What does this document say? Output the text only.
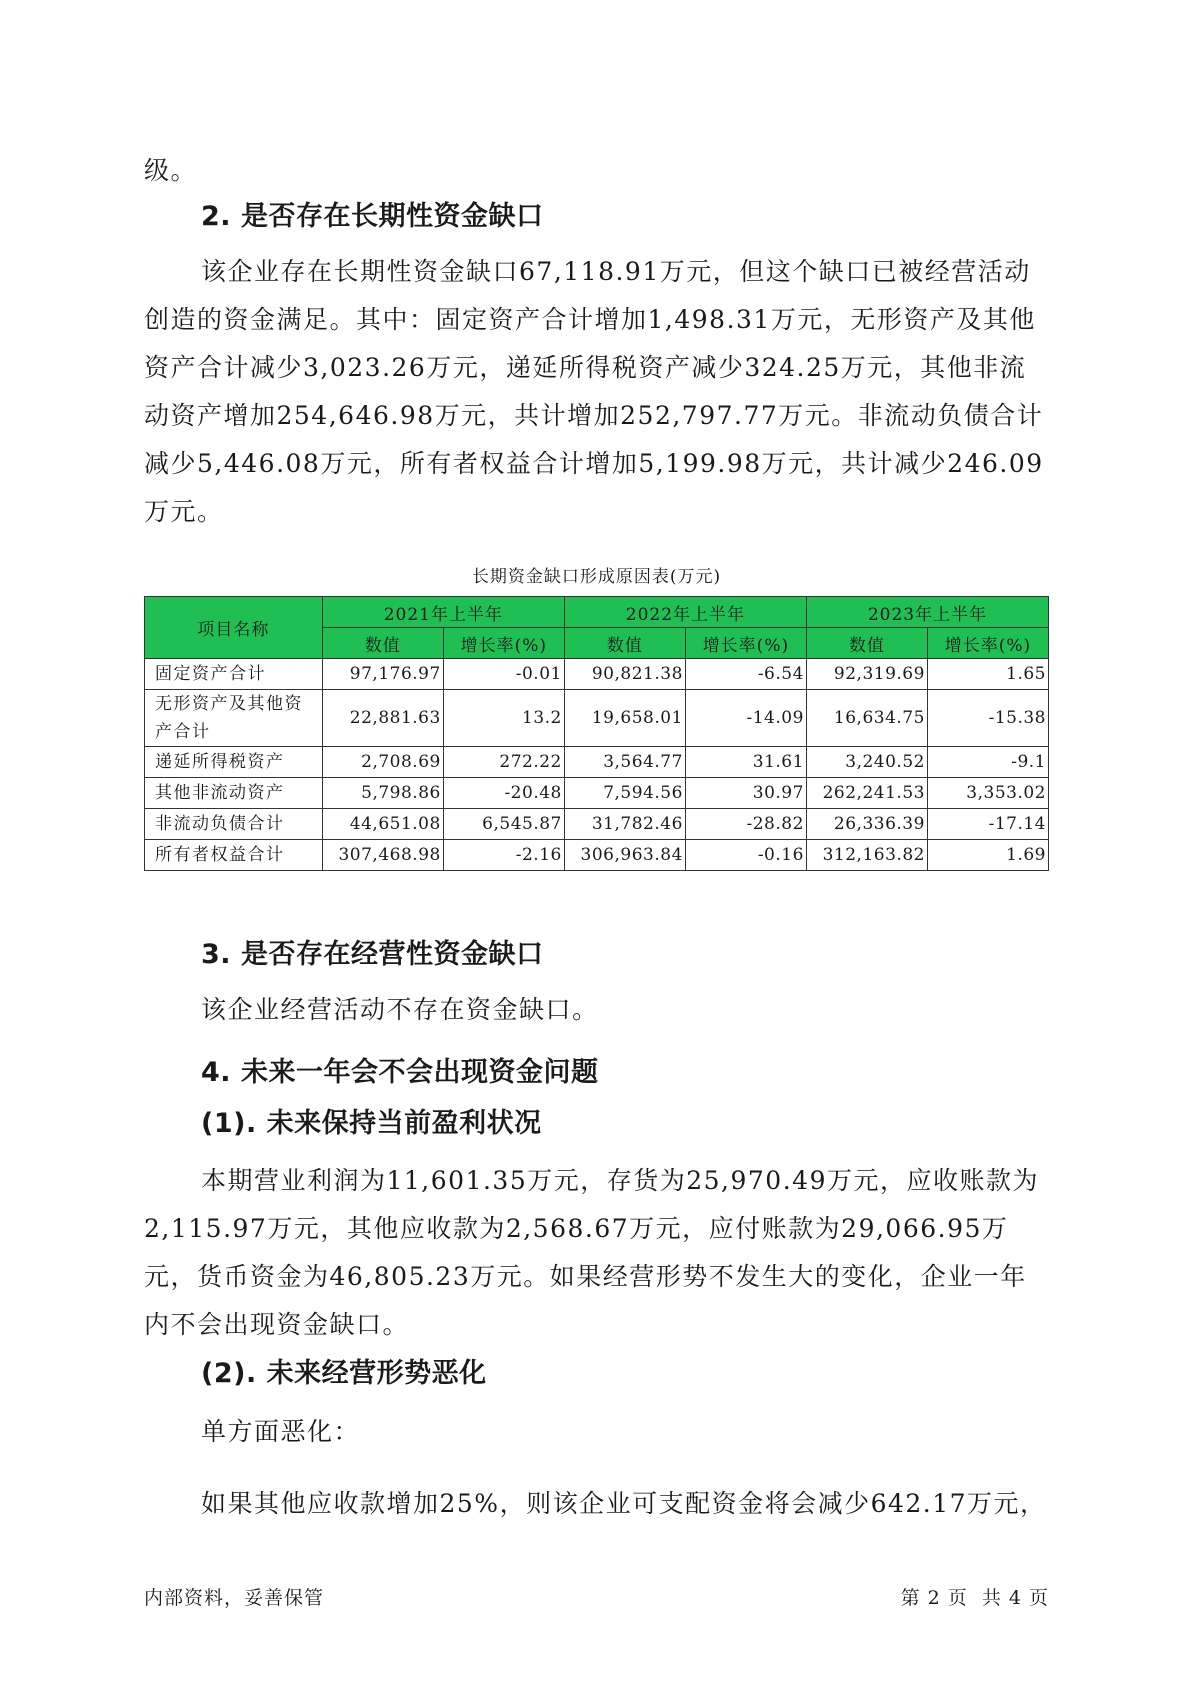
级。

2. 是否存在长期性资金缺口

该企业存在长期性资金缺口67,118.91万元，但这个缺口已被经营活动创造的资金满足。其中：固定资产合计增加1,498.31万元，无形资产及其他资产合计减少3,023.26万元，递延所得税资产减少324.25万元，其他非流动资产增加254,646.98万元，共计增加252,797.77万元。非流动负债合计减少5,446.08万元，所有者权益合计增加5,199.98万元，共计减少246.09万元。

长期资金缺口形成原因表(万元)
项目名称	2021年上半年		2022年上半年		2023年上半年	
	数值	增长率(%)	数值	增长率(%)	数值	增长率(%)
固定资产合计	97,176.97	-0.01	90,821.38	-6.54	92,319.69	1.65
无形资产及其他资产合计	22,881.63	13.2	19,658.01	-14.09	16,634.75	-15.38
递延所得税资产	2,708.69	272.22	3,564.77	31.61	3,240.52	-9.1
其他非流动资产	5,798.86	-20.48	7,594.56	30.97	262,241.53	3,353.02
非流动负债合计	44,651.08	6,545.87	31,782.46	-28.82	26,336.39	-17.14
所有者权益合计	307,468.98	-2.16	306,963.84	-0.16	312,163.82	1.69
3. 是否存在经营性资金缺口

该企业经营活动不存在资金缺口。

4. 未来一年会不会出现资金问题
(1). 未来保持当前盈利状况

本期营业利润为11,601.35万元，存货为25,970.49万元，应收账款为2,115.97万元，其他应收款为2,568.67万元，应付账款为29,066.95万元，货币资金为46,805.23万元。如果经营形势不发生大的变化，企业一年内不会出现资金缺口。

(2). 未来经营形势恶化

单方面恶化：

如果其他应收款增加25%，则该企业可支配资金将会减少642.17万元，

内部资料，妥善保管	第 2 页  共 4 页
